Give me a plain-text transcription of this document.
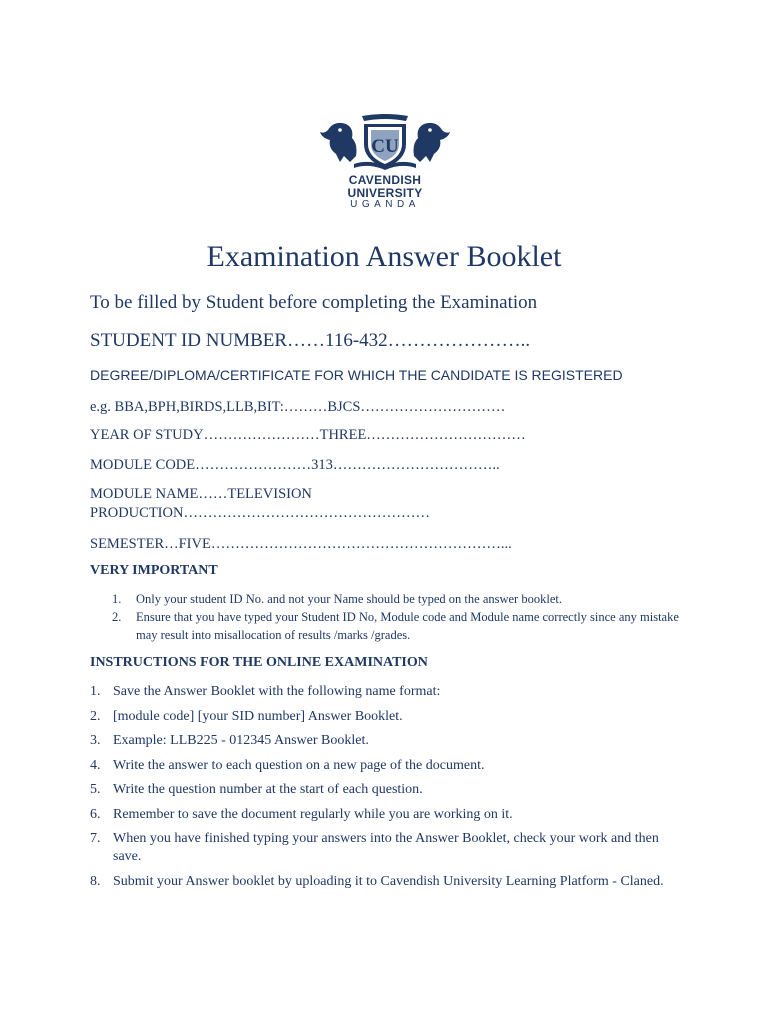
CU
CAVENDISH
UNIVERSITY
UGANDA
Examination Answer Booklet
To be filled by Student before completing the Examination
STUDENT ID NUMBER……116-432…………………..
DEGREE/DIPLOMA/CERTIFICATE FOR WHICH THE CANDIDATE IS REGISTERED
e.g. BBA,BPH,BIRDS,LLB,BIT:………BJCS…………………………
YEAR OF STUDY……………………THREE……………………………
MODULE CODE……………………313……………………………..
MODULE NAME……TELEVISION
PRODUCTION……………………………………………
SEMESTER…FIVE……………………………………………………...
VERY IMPORTANT
1. Only your student ID No. and not your Name should be typed on the answer booklet.
2. Ensure that you have typed your Student ID No, Module code and Module name correctly since any mistake may result into misallocation of results /marks /grades.
INSTRUCTIONS FOR THE ONLINE EXAMINATION
1. Save the Answer Booklet with the following name format:
2. [module code] [your SID number] Answer Booklet.
3. Example: LLB225 - 012345 Answer Booklet.
4. Write the answer to each question on a new page of the document.
5. Write the question number at the start of each question.
6. Remember to save the document regularly while you are working on it.
7. When you have finished typing your answers into the Answer Booklet, check your work and then save.
8. Submit your Answer booklet by uploading it to Cavendish University Learning Platform - Claned.
